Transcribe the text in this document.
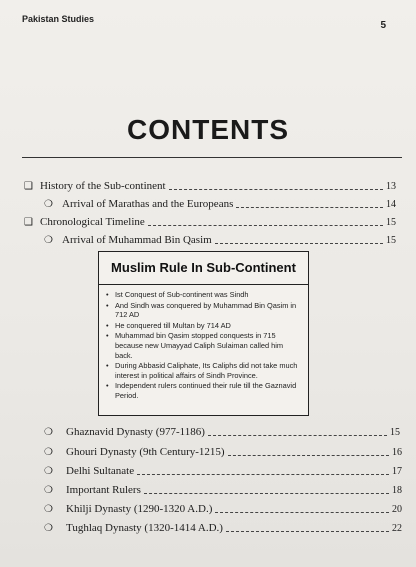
Pakistan Studies
5
CONTENTS
❑ History of the Sub-continent	13
❍ Arrival of Marathas and the Europeans	14
❑ Chronological Timeline	15
❍ Arrival of Muhammad Bin Qasim	15
Muslim Rule In Sub-Continent
• Ist Conquest of Sub-continent was Sindh
• And Sindh was conquered by Muhammad Bin Qasim in 712 AD
• He conquered till Multan by 714 AD
• Muhammad bin Qasim stopped conquests in 715 because new Umayyad Caliph Sulaiman called him back.
• During Abbasid Caliphate, Its Caliphs did not take much interest in political affairs of Sindh Province.
• Independent rulers continued their rule till the Gaznavid Period.
❍ Ghaznavid Dynasty (977-1186)	15
❍ Ghouri Dynasty (9th Century-1215)	16
❍ Delhi Sultanate	17
❍ Important Rulers	18
❍ Khilji Dynasty (1290-1320 A.D.)	20
❍ Tughlaq Dynasty (1320-1414 A.D.)	22
